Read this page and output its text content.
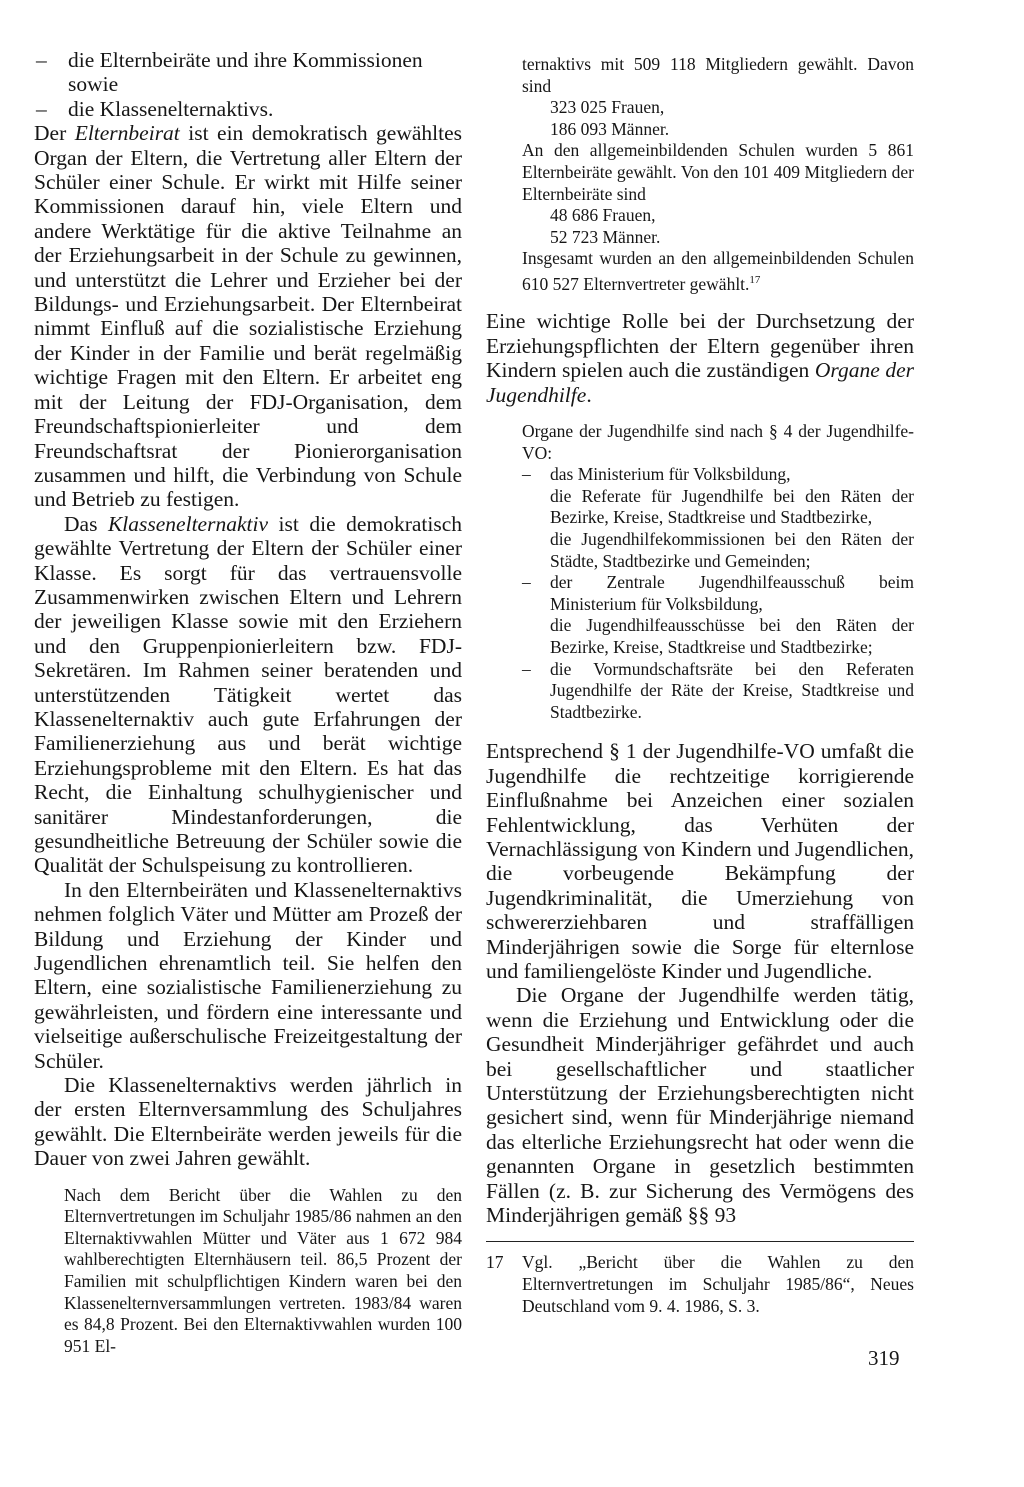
– die Elternbeiräte und ihre Kommissionen
sowie
– die Klassenelternaktivs.

Der Elternbeirat ist ein demokratisch gewähltes Organ der Eltern, die Vertretung aller Eltern der Schüler einer Schule. Er wirkt mit Hilfe seiner Kommissionen darauf hin, viele Eltern und andere Werktätige für die aktive Teilnahme an der Erziehungsarbeit in der Schule zu gewinnen, und unterstützt die Lehrer und Erzieher bei der Bildungs- und Erziehungsarbeit. Der Elternbeirat nimmt Einfluß auf die sozialistische Erziehung der Kinder in der Familie und berät regelmäßig wichtige Fragen mit den Eltern. Er arbeitet eng mit der Leitung der FDJ-Organisation, dem Freundschaftspionierleiter und dem Freundschaftsrat der Pionierorganisation zusammen und hilft, die Verbindung von Schule und Betrieb zu festigen.

Das Klassenelternaktiv ist die demokratisch gewählte Vertretung der Eltern der Schüler einer Klasse. Es sorgt für das vertrauensvolle Zusammenwirken zwischen Eltern und Lehrern der jeweiligen Klasse sowie mit den Erziehern und den Gruppenpionierleitern bzw. FDJ-Sekretären. Im Rahmen seiner beratenden und unterstützenden Tätigkeit wertet das Klassenelternaktiv auch gute Erfahrungen der Familienerziehung aus und berät wichtige Erziehungsprobleme mit den Eltern. Es hat das Recht, die Einhaltung schulhygienischer und sanitärer Mindestanforderungen, die gesundheitliche Betreuung der Schüler sowie die Qualität der Schulspeisung zu kontrollieren.

In den Elternbeiräten und Klassenelternaktivs nehmen folglich Väter und Mütter am Prozeß der Bildung und Erziehung der Kinder und Jugendlichen ehrenamtlich teil. Sie helfen den Eltern, eine sozialistische Familienerziehung zu gewährleisten, und fördern eine interessante und vielseitige außerschulische Freizeitgestaltung der Schüler.

Die Klassenelternaktivs werden jährlich in der ersten Elternversammlung des Schuljahres gewählt. Die Elternbeiräte werden jeweils für die Dauer von zwei Jahren gewählt.

Nach dem Bericht über die Wahlen zu den Elternvertretungen im Schuljahr 1985/86 nahmen an den Elternaktivwahlen Mütter und Väter aus 1 672 984 wahlberechtigten Elternhäusern teil. 86,5 Prozent der Familien mit schulpflichtigen Kindern waren bei den Klassenelternversammlungen vertreten. 1983/84 waren es 84,8 Prozent. Bei den Elternaktivwahlen wurden 100 951 El-

ternaktivs mit 509 118 Mitgliedern gewählt. Davon sind

323 025 Frauen,

186 093 Männer.

An den allgemeinbildenden Schulen wurden 5 861 Elternbeiräte gewählt. Von den 101 409 Mitgliedern der Elternbeiräte sind

48 686 Frauen,

52 723 Männer.

Insgesamt wurden an den allgemeinbildenden Schulen 610 527 Elternvertreter gewählt.$^{17}$

Eine wichtige Rolle bei der Durchsetzung der Erziehungspflichten der Eltern gegenüber ihren Kindern spielen auch die zuständigen Organe der Jugendhilfe.

Organe der Jugendhilfe sind nach § 4 der Jugendhilfe-VO:

– das Ministerium für Volksbildung,
die Referate für Jugendhilfe bei den Räten der Bezirke, Kreise, Stadtkreise und Stadtbezirke,
die Jugendhilfekommissionen bei den Räten der Städte, Stadtbezirke und Gemeinden;
– der Zentrale Jugendhilfeausschuß beim Ministerium für Volksbildung,
die Jugendhilfeausschüsse bei den Räten der Bezirke, Kreise, Stadtkreise und Stadtbezirke;
– die Vormundschaftsräte bei den Referaten Jugendhilfe der Räte der Kreise, Stadtkreise und Stadtbezirke.

Entsprechend § 1 der Jugendhilfe-VO umfaßt die Jugendhilfe die rechtzeitige korrigierende Einflußnahme bei Anzeichen einer sozialen Fehlentwicklung, das Verhüten der Vernachlässigung von Kindern und Jugendlichen, die vorbeugende Bekämpfung der Jugendkriminalität, die Umerziehung von schwererziehbaren und straffälligen Minderjährigen sowie die Sorge für elternlose und familiengelöste Kinder und Jugendliche.

Die Organe der Jugendhilfe werden tätig, wenn die Erziehung und Entwicklung oder die Gesundheit Minderjähriger gefährdet und auch bei gesellschaftlicher und staatlicher Unterstützung der Erziehungsberechtigten nicht gesichert sind, wenn für Minderjährige niemand das elterliche Erziehungsrecht hat oder wenn die genannten Organe in gesetzlich bestimmten Fällen (z. B. zur Sicherung des Vermögens des Minderjährigen gemäß §§ 93

17 Vgl. „Bericht über die Wahlen zu den Elternvertretungen im Schuljahr 1985/86“, Neues Deutschland vom 9. 4. 1986, S. 3.

319
